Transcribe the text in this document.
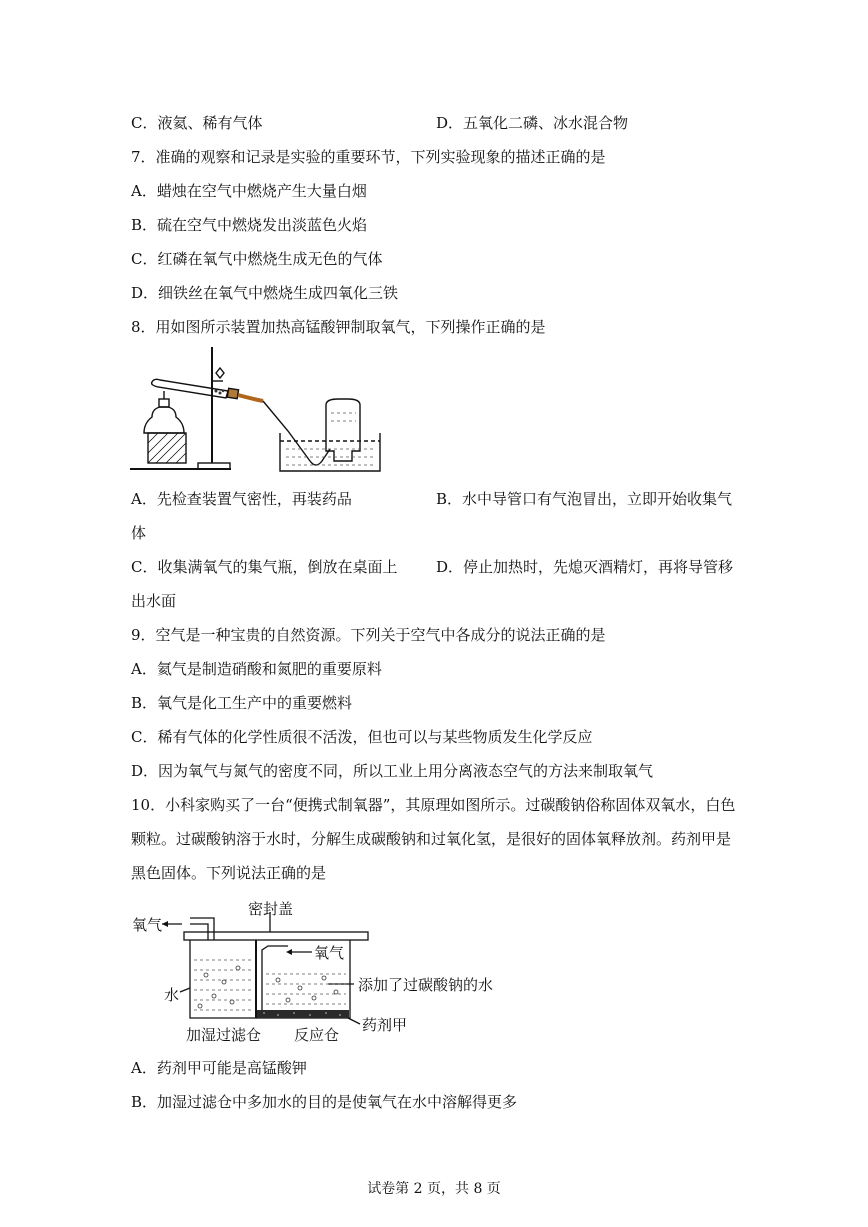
C．液氦、稀有气体	D．五氧化二磷、冰水混合物
7．准确的观察和记录是实验的重要环节，下列实验现象的描述正确的是
A．蜡烛在空气中燃烧产生大量白烟
B．硫在空气中燃烧发出淡蓝色火焰
C．红磷在氧气中燃烧生成无色的气体
D．细铁丝在氧气中燃烧生成四氧化三铁
8．用如图所示装置加热高锰酸钾制取氧气，下列操作正确的是
A．先检查装置气密性，再装药品	B．水中导管口有气泡冒出，立即开始收集气
体
C．收集满氧气的集气瓶，倒放在桌面上	D．停止加热时，先熄灭酒精灯，再将导管移
出水面
9．空气是一种宝贵的自然资源。下列关于空气中各成分的说法正确的是
A．氦气是制造硝酸和氮肥的重要原料
B．氧气是化工生产中的重要燃料
C．稀有气体的化学性质很不活泼，但也可以与某些物质发生化学反应
D．因为氧气与氮气的密度不同，所以工业上用分离液态空气的方法来制取氧气
10．小科家购买了一台“便携式制氧器”，其原理如图所示。过碳酸钠俗称固体双氧水，白色
颗粒。过碳酸钠溶于水时，分解生成碳酸钠和过氧化氢，是很好的固体氧释放剂。药剂甲是
黑色固体。下列说法正确的是
氧气
密封盖
氧气
水
添加了过碳酸钠的水
加湿过滤仓 反应仓
药剂甲
A．药剂甲可能是高锰酸钾
B．加湿过滤仓中多加水的目的是使氧气在水中溶解得更多
试卷第 2 页，共 8 页
